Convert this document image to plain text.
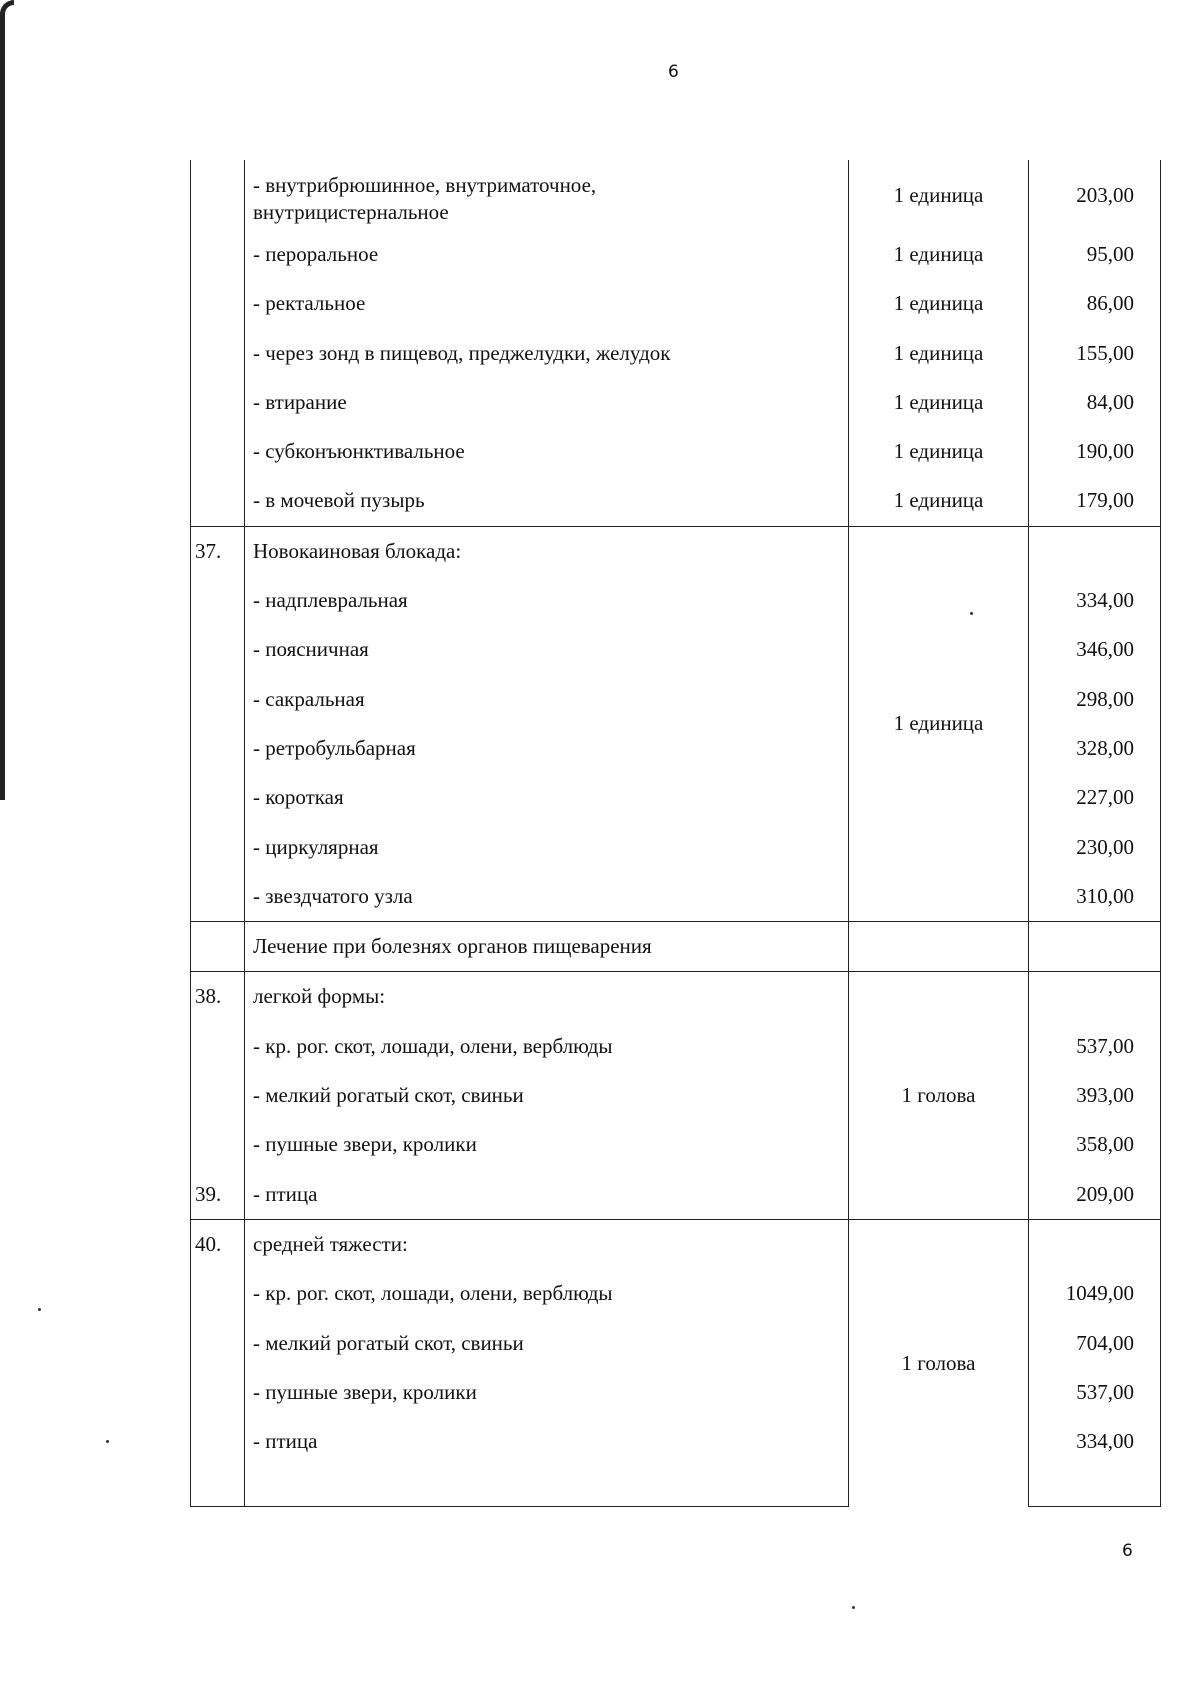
6

	- внутрибрюшинное, внутриматочное,
внутрицистернальное	1 единица	203,00
	- пероральное	1 единица	95,00
	- ректальное	1 единица	86,00
	- через зонд в пищевод, преджелудки, желудок	1 единица	155,00
	- втирание	1 единица	84,00
	- субконъюнктивальное	1 единица	190,00
	- в мочевой пузырь	1 единица	179,00
37.	Новокаиновая блокада:	1 единица	
	- надплевральная		334,00
	- поясничная		346,00
	- сакральная		298,00
	- ретробульбарная		328,00
	- короткая		227,00
	- циркулярная		230,00
	- звездчатого узла		310,00
	Лечение при болезнях органов пищеварения		
38.	легкой формы:	1 голова	
	- кр. рог. скот, лошади, олени, верблюды		537,00
	- мелкий рогатый скот, свиньи		393,00
	- пушные звери, кролики		358,00
39.	- птица		209,00
40.	средней тяжести:	1 голова	
	- кр. рог. скот, лошади, олени, верблюды		1049,00
	- мелкий рогатый скот, свиньи		704,00
	- пушные звери, кролики		537,00
	- птица		334,00

6
